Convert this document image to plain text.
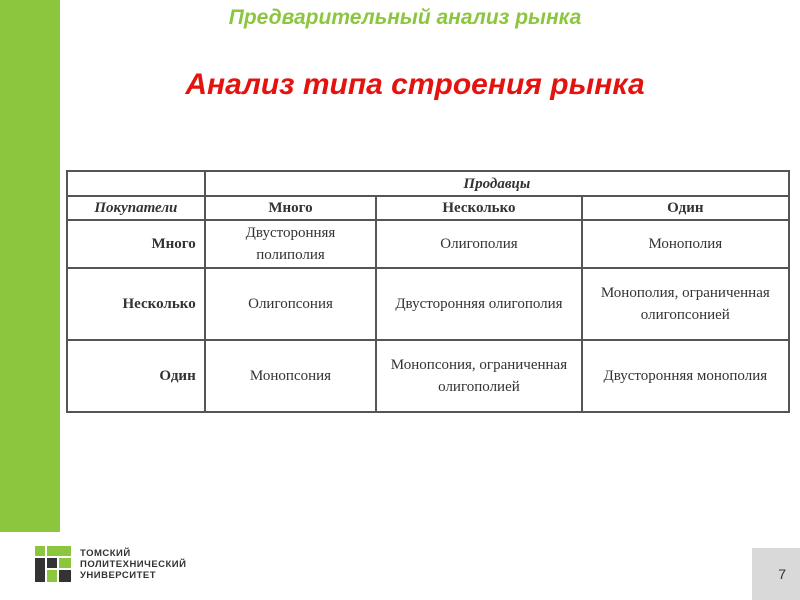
Предварительный анализ рынка
Анализ типа строения рынка
	Продавцы		
Покупатели	Много	Несколько	Один
Много	Двусторонняя полиполия	Олигополия	Монополия
Несколько	Олигопсония	Двусторонняя олигополия	Монополия, ограниченная олигопсонией
Один	Монопсония	Монопсония, ограниченная олигополией	Двусторонняя монополия
ТОМСКИЙ
ПОЛИТЕХНИЧЕСКИЙ
УНИВЕРСИТЕТ	7
